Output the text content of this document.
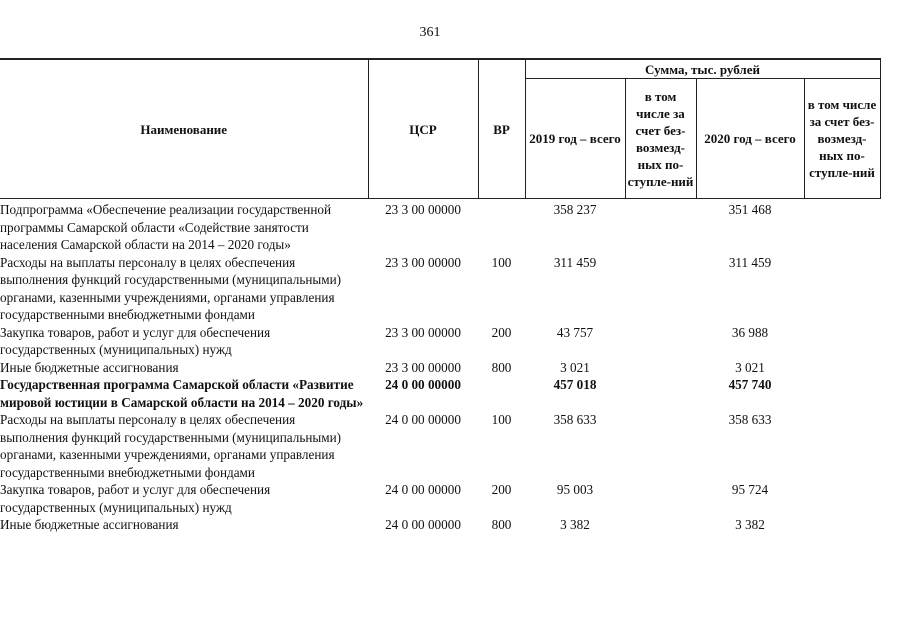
361
Наименование	ЦСР	ВР	Сумма, тыс. рублей			
			2019 год – всего	в том числе за счет без-возмезд-ных по-ступле-ний	2020 год – всего	в том числе за счет без-возмезд-ных по-ступле-ний
Подпрограмма «Обеспечение реализации государственной программы Самарской области «Содействие занятости населения Самарской области на 2014 – 2020 годы»	23 3 00 00000		358 237		351 468	
Расходы на выплаты персоналу в целях обеспечения выполнения функций государственными (муниципальными) органами, казенными учреждениями, органами управления государственными внебюджетными фондами	23 3 00 00000	100	311 459		311 459	
Закупка товаров, работ и услуг для обеспечения государственных (муниципальных) нужд	23 3 00 00000	200	43 757		36 988	
Иные бюджетные ассигнования	23 3 00 00000	800	3 021		3 021	
Государственная программа Самарской области «Развитие мировой юстиции в Самарской области на 2014 – 2020 годы»	24 0 00 00000		457 018		457 740	
Расходы на выплаты персоналу в целях обеспечения выполнения функций государственными (муниципальными) органами, казенными учреждениями, органами управления государственными внебюджетными фондами	24 0 00 00000	100	358 633		358 633	
Закупка товаров, работ и услуг для обеспечения государственных (муниципальных) нужд	24 0 00 00000	200	95 003		95 724	
Иные бюджетные ассигнования	24 0 00 00000	800	3 382		3 382	
